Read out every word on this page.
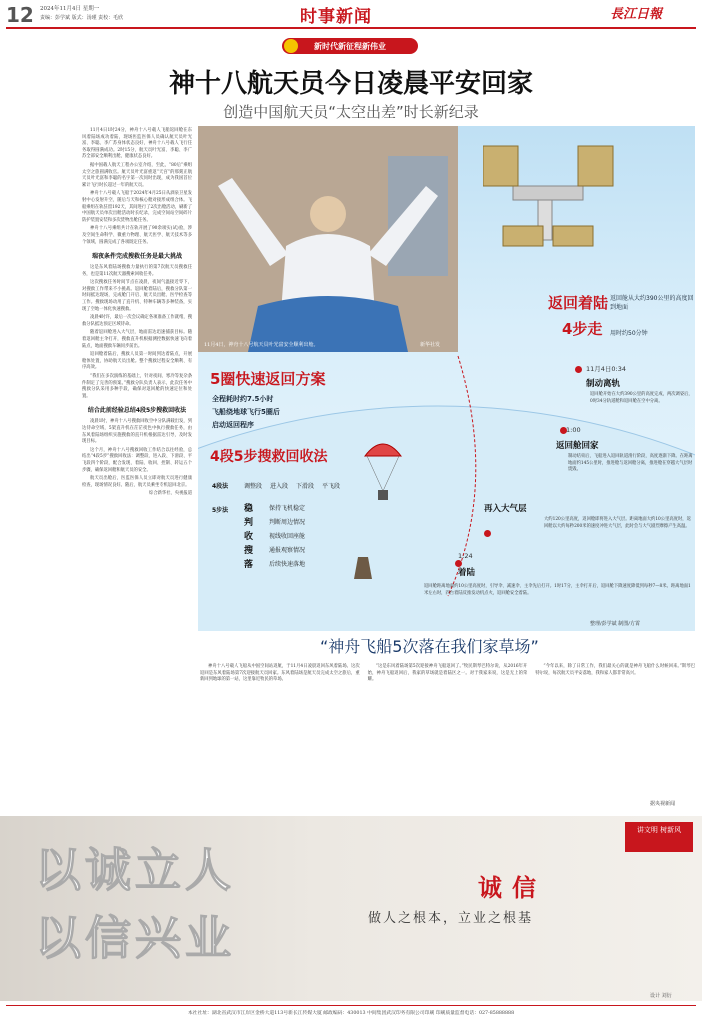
12 2024年11月4日 星期一
责编：彭学斌 版式：汤瑾 责校：毛欣	时事新闻	長江日報
新时代新征程新伟业
神十八航天员今日凌晨平安回家
创造中国航天员“太空出差”时长新纪录

11月4日1时24分，神舟十八号载人飞船返回舱在东风着陆场成功着陆，现场医监医保人员确认航天员叶光富、李聪、李广苏身体状态良好，神舟十八号载人飞行任务取得圆满成功。2时15分，航天员叶光富、李聪、李广苏全部安全顺利出舱，健康状态良好。

据中国载人航天工程办公室介绍，至此，“80后”乘组太空之旅圆满收官。航天员叶光富重返“天宫”的那刻正航天员叶光富和李聪的名字第一次同时出现，成为我国首位累计飞行时长超过一年的航天员。

神舟十八号载人飞船于2024年4月25日从酒泉卫星发射中心发射升空，随后与天和核心舱对接形成组合体。飞船乘组在轨驻留192天，其间进行了2次出舱活动，刷新了中国航天员单次出舱活动时长纪录，完成空间站空间碎片防护装置安装和多次货物出舱任务。

神舟十八号乘组共计在轨开展了90余项实(试)验，涉及空间生命科学、微重力物理、航天医学、航天技术等多个领域，圆满完成了各项既定任务。

瑞夜条件完成搜救任务是最大挑战

这是东风着陆场搜救力量执行的第7次航天员搜救任务，也是第11次航天器搜索回收任务。

这次搜救任务时间节点在凌晨，夜间气温接近零下，对搜救工作带来不小挑战。返回舱着陆后，搜救分队第一时间抵达现场，完成舱门开启、航天员出舱、医学检查等工作。搜救现场动用了直升机、特种车辆等多种装备，实现了空地一体化快速搜救。

凌晨4时许，最后一次会议确定各项准备工作就绪，搜救分队抵达预定区域待命。

随着返回舱进入大气层，地面雷达迅速捕获目标。随着返回舱主伞打开，搜救直升机根据测控数据快速飞向着陆点，地面搜救车辆同步前出。

返回舱着陆后，搜救人员第一时间到达着陆点，开展舱体处置，协助航天员出舱。整个搜救过程安全顺利、有序高效。

“我们在多次演练的基础上，针对夜间、寒冷等复杂条件制定了完善的预案。”搜救分队负责人表示，此次任务中搜救分队采用多种手段，确保对返回舱的快速定位和处置。

结合此前经验总结4段5步搜救回收法

凌晨1时，神舟十八号搜救回收空中分队满载出发，到达待命空域，5架直升机在茫茫夜色中执行搜救任务，由东风着陆场组织实施搜救的直升机根据雷达引导，及时发现目标。

这个月，神舟十八号搜救回收工作结合以往经验，总结出“4段5步”搜救回收法：调整段、进入段、下滑段、平飞段四个阶段，配合发现、着陆、收回、控制、转运五个步骤，确保返回舱和航天员的安全。

航天员出舱后，医监医保人员立即对航天员进行健康检查，现场情况良好。随后，航天员乘坐专机返回北京。

综合新华社、央视报道

11月4日，神舟十八号航天员叶光富安全顺利出舱。	新华社发
返回着陆
4步走
返回舱从大约390公里的高度回到地面
用时约50分钟
5圈快速返回方案
全程耗时约7.5小时
飞船绕地球飞行5圈后
启动返回程序
4段5步搜救回收法
4段法	调整段 进入段 下滑段 平飞段
5步法 稳	保持飞机稳定
判	判断周边情况
收	视线收回座舱
搜	通报观察情况
落	后续快速落地
11月4日0:34
制动离轨
返回舱开始在大约390公里的高度完成，两次调姿后，0时34分轨道舱和返回舱在空中分离。
1:00
返回舱回家
制动结束后，飞船进入返回轨道滑行阶段，高度逐渐下降。在距离地面约145公里时，推进舱与返回舱分离，推进舱在穿越大气层时烧毁。
再入大气层
大约120公里高度，返回舱即将进入大气层。距离地面大约10公里高度时，返回舱以大约每秒200米的速度冲进大气层，此时会与大气剧烈摩擦产生高温。
1:24
着陆
返回舱距离地面约10公里高度时，引导伞、减速伞、主伞先后打开。1时17分，主伞打开后，返回舱下降速度降低到每秒7—8米。距离地面1米左右时，四台着陆反推发动机点火，返回舱安全着陆。
整理/彭学斌 制图/方霄
“神舟飞船5次落在我们家草场”

神舟十八号载人飞船从中国空间站返航，于11月4日凌晨返回东风着陆场。这次返回是东风着陆场第7次迎接航天员回家。东风着陆场是航天员完成太空之旅后，重新回到地球的第一站，这里靠近牧民的草场。

“这是东风着陆场第5次迎接神舟飞船返回了。”牧民斯琴巴特尔说，从2016年开始，神舟飞船返回后，我家的草场就是着陆区之一。对于我家来说，这是无上的荣耀。

“今年以来，除了日常工作，我们最关心的就是神舟飞船什么时候回来。”斯琴巴特尔说，每次航天员平安落地，我和家人都非常高兴。

据央视新闻
以诚立人
以信兴业
诚信
做人之根本，立业之根基
讲文明 树新风
设计 刘衍
本社社址：湖北省武汉市江岸区金桥大道113号新长江传媒大厦 邮政编码：430013 中间集团武汉印务有限公司印刷 印刷质量监督电话：027-85888888
